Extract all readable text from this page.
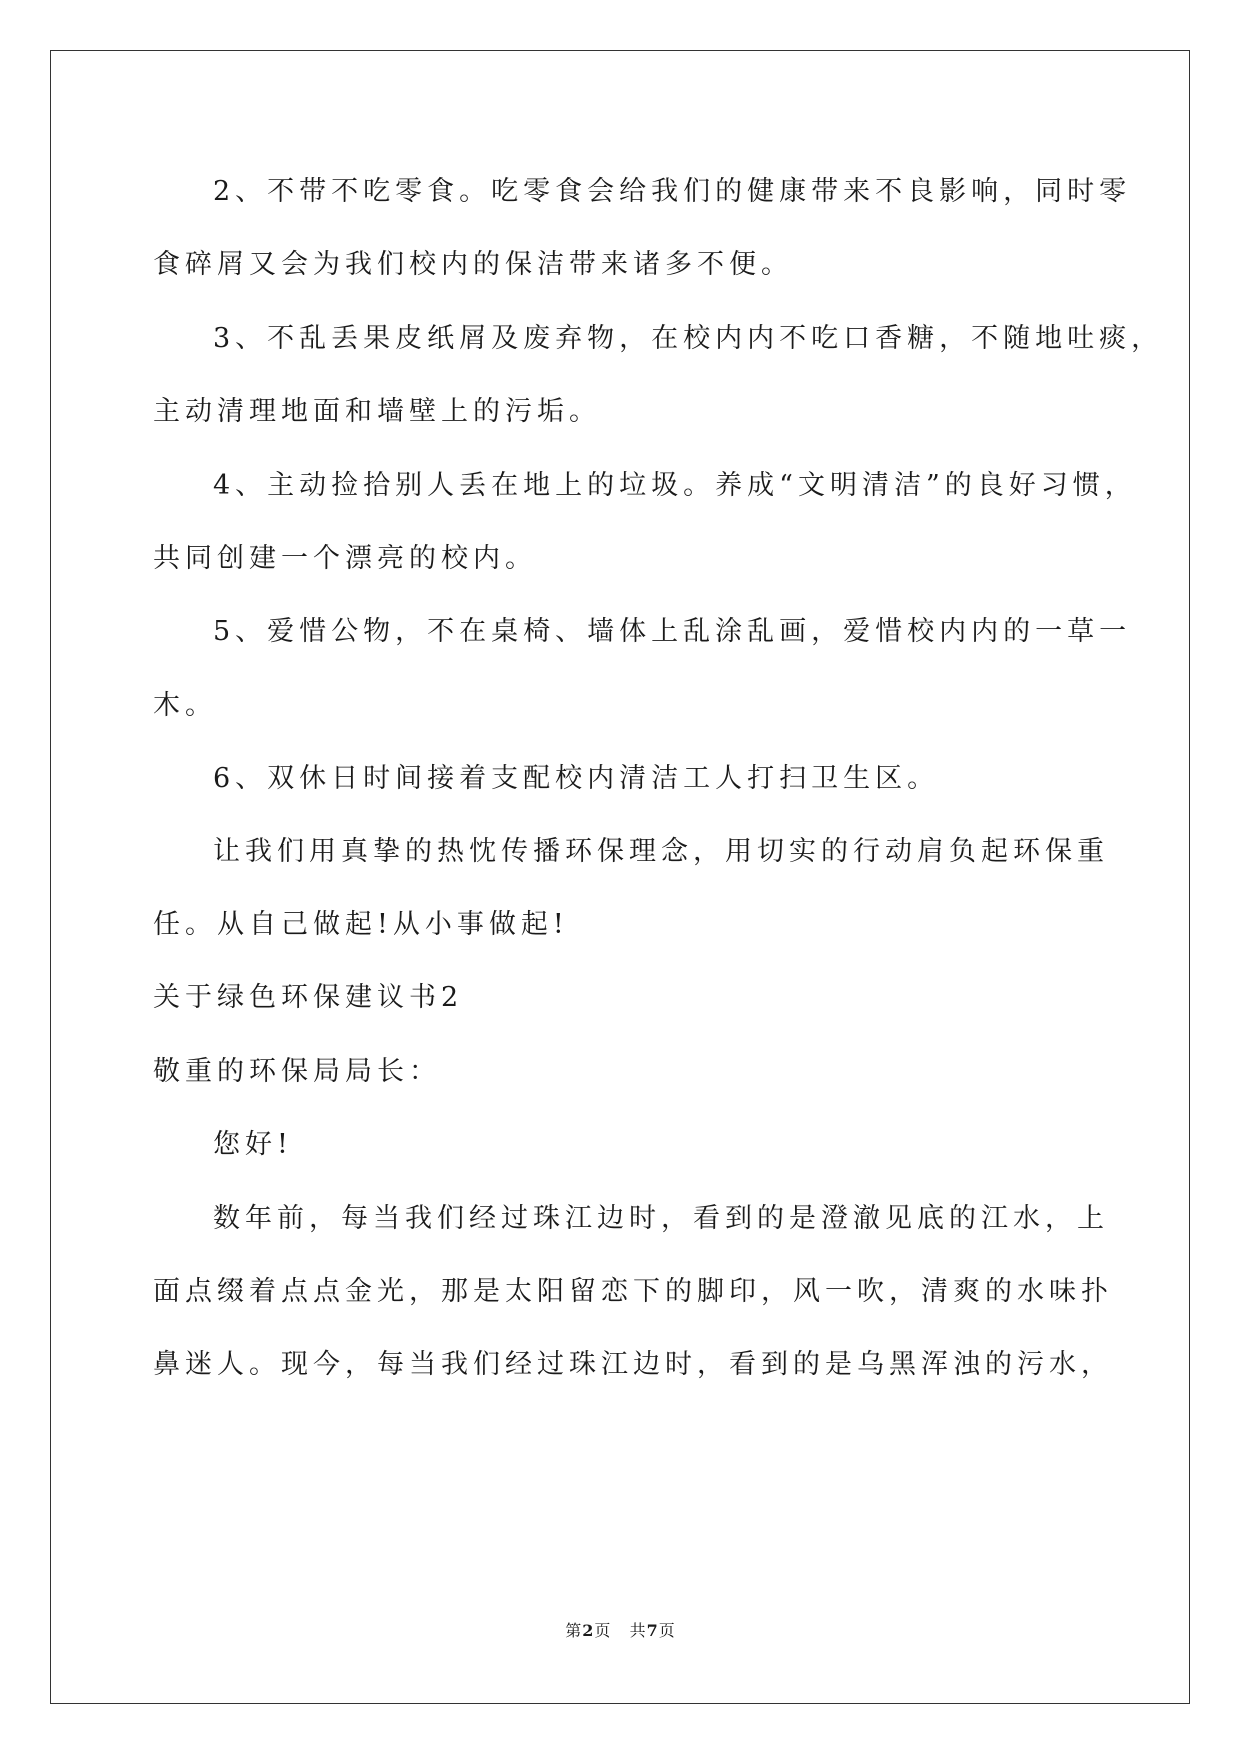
2、不带不吃零食。吃零食会给我们的健康带来不良影响，同时零
食碎屑又会为我们校内的保洁带来诸多不便。
3、不乱丢果皮纸屑及废弃物，在校内内不吃口香糖，不随地吐痰，
主动清理地面和墙壁上的污垢。
4、主动捡拾别人丢在地上的垃圾。养成“文明清洁”的良好习惯，
共同创建一个漂亮的校内。
5、爱惜公物，不在桌椅、墙体上乱涂乱画，爱惜校内内的一草一
木。
6、双休日时间接着支配校内清洁工人打扫卫生区。
让我们用真挚的热忱传播环保理念，用切实的行动肩负起环保重
任。从自己做起!从小事做起!
关于绿色环保建议书2
敬重的环保局局长：
您好!
数年前，每当我们经过珠江边时，看到的是澄澈见底的江水，上
面点缀着点点金光，那是太阳留恋下的脚印，风一吹，清爽的水味扑
鼻迷人。现今，每当我们经过珠江边时，看到的是乌黑浑浊的污水，
第2页   共7页
